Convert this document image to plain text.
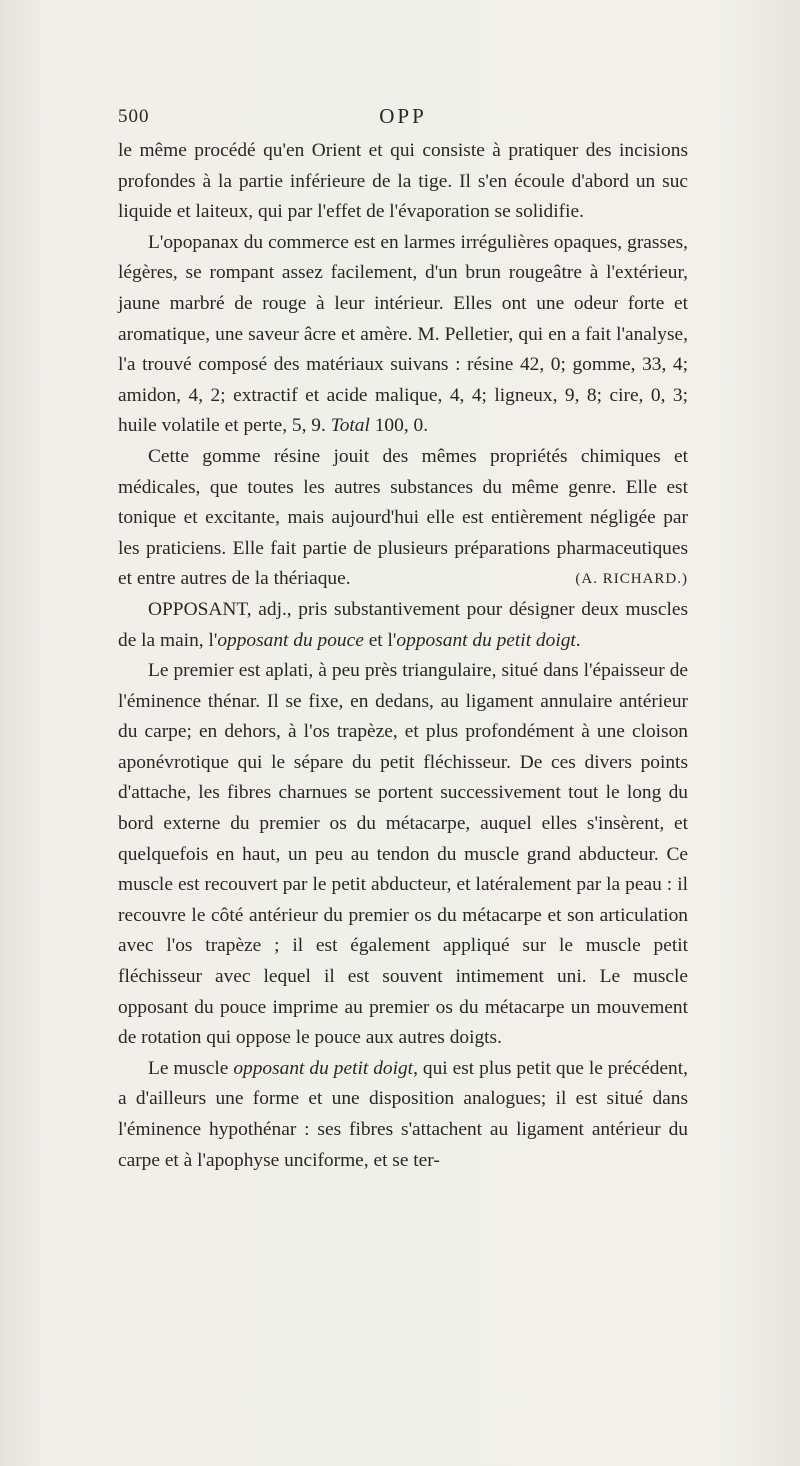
500	OPP

le même procédé qu'en Orient et qui consiste à pratiquer des incisions profondes à la partie inférieure de la tige. Il s'en écoule d'abord un suc liquide et laiteux, qui par l'effet de l'évaporation se solidifie.

L'opopanax du commerce est en larmes irrégulières opaques, grasses, légères, se rompant assez facilement, d'un brun rougeâtre à l'extérieur, jaune marbré de rouge à leur intérieur. Elles ont une odeur forte et aromatique, une saveur âcre et amère. M. Pelletier, qui en a fait l'analyse, l'a trouvé composé des matériaux suivans : résine 42, 0; gomme, 33, 4; amidon, 4, 2; extractif et acide malique, 4, 4; ligneux, 9, 8; cire, 0, 3; huile volatile et perte, 5, 9. Total 100, 0.

Cette gomme résine jouit des mêmes propriétés chimiques et médicales, que toutes les autres substances du même genre. Elle est tonique et excitante, mais aujourd'hui elle est entièrement négligée par les praticiens. Elle fait partie de plusieurs préparations pharmaceutiques et entre autres de la thériaque.	(A. RICHARD.)

OPPOSANT, adj., pris substantivement pour désigner deux muscles de la main, l'opposant du pouce et l'opposant du petit doigt.

Le premier est aplati, à peu près triangulaire, situé dans l'épaisseur de l'éminence thénar. Il se fixe, en dedans, au ligament annulaire antérieur du carpe; en dehors, à l'os trapèze, et plus profondément à une cloison aponévrotique qui le sépare du petit fléchisseur. De ces divers points d'attache, les fibres charnues se portent successivement tout le long du bord externe du premier os du métacarpe, auquel elles s'insèrent, et quelquefois en haut, un peu au tendon du muscle grand abducteur. Ce muscle est recouvert par le petit abducteur, et latéralement par la peau : il recouvre le côté antérieur du premier os du métacarpe et son articulation avec l'os trapèze ; il est également appliqué sur le muscle petit fléchisseur avec lequel il est souvent intimement uni. Le muscle opposant du pouce imprime au premier os du métacarpe un mouvement de rotation qui oppose le pouce aux autres doigts.

Le muscle opposant du petit doigt, qui est plus petit que le précédent, a d'ailleurs une forme et une disposition analogues; il est situé dans l'éminence hypothénar : ses fibres s'attachent au ligament antérieur du carpe et à l'apophyse unciforme, et se ter-
